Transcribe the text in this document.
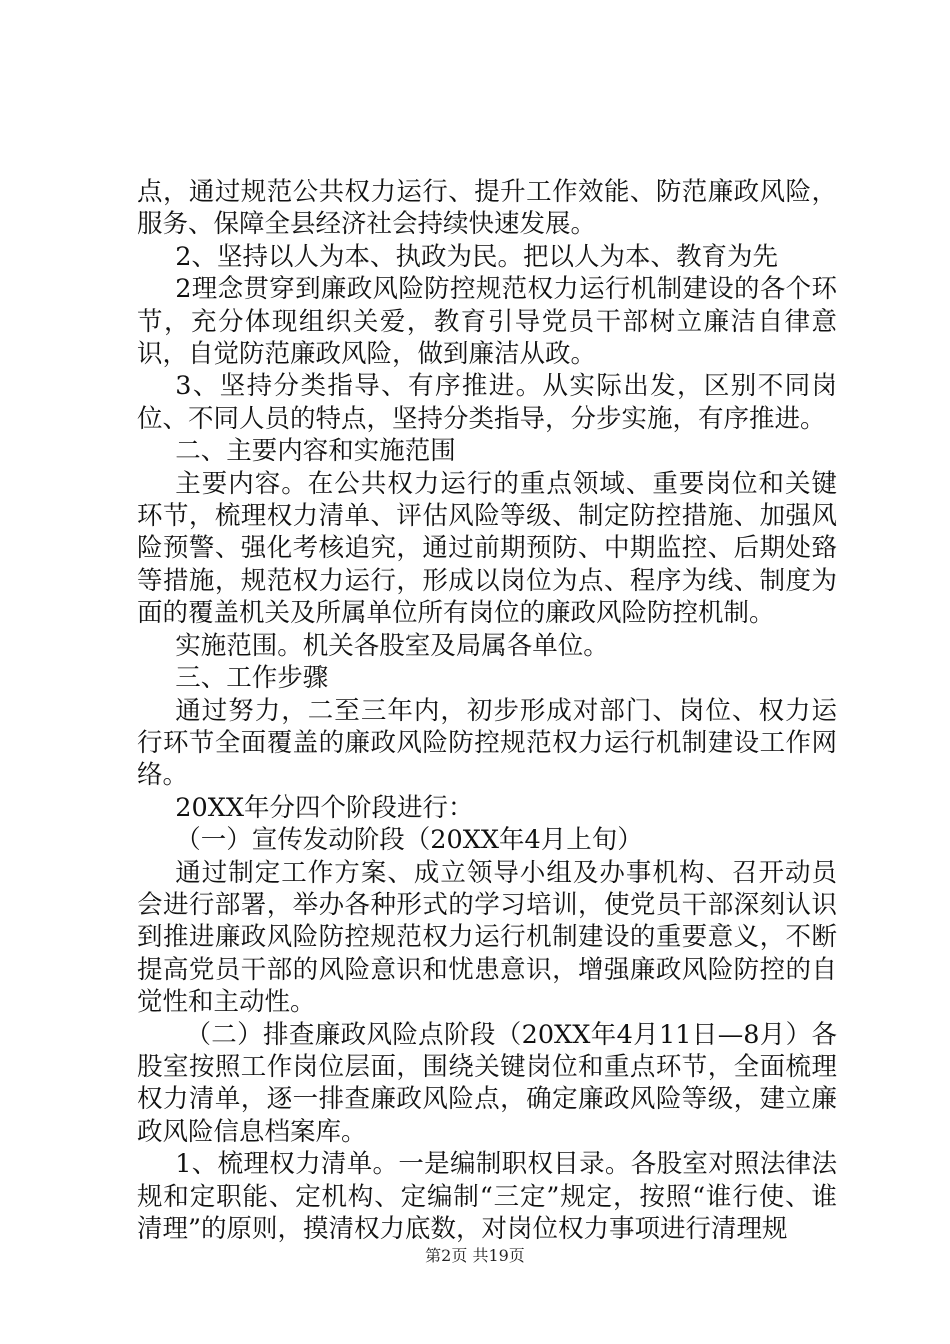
点，通过规范公共权力运行、提升工作效能、防范廉政风险，服务、保障全县经济社会持续快速发展。

2、坚持以人为本、执政为民。把以人为本、教育为先

2理念贯穿到廉政风险防控规范权力运行机制建设的各个环节，充分体现组织关爱，教育引导党员干部树立廉洁自律意识，自觉防范廉政风险，做到廉洁从政。

3、坚持分类指导、有序推进。从实际出发，区别不同岗位、不同人员的特点，坚持分类指导，分步实施，有序推进。

二、主要内容和实施范围

主要内容。在公共权力运行的重点领域、重要岗位和关键环节，梳理权力清单、评估风险等级、制定防控措施、加强风险预警、强化考核追究，通过前期预防、中期监控、后期处臵等措施，规范权力运行，形成以岗位为点、程序为线、制度为面的覆盖机关及所属单位所有岗位的廉政风险防控机制。

实施范围。机关各股室及局属各单位。

三、工作步骤

通过努力，二至三年内，初步形成对部门、岗位、权力运行环节全面覆盖的廉政风险防控规范权力运行机制建设工作网络。

20XX年分四个阶段进行：

（一）宣传发动阶段（20XX年4月上旬）

通过制定工作方案、成立领导小组及办事机构、召开动员会进行部署，举办各种形式的学习培训，使党员干部深刻认识到推进廉政风险防控规范权力运行机制建设的重要意义，不断提高党员干部的风险意识和忧患意识，增强廉政风险防控的自觉性和主动性。

（二）排查廉政风险点阶段（20XX年4月11日—8月）各股室按照工作岗位层面，围绕关键岗位和重点环节，全面梳理权力清单，逐一排查廉政风险点，确定廉政风险等级，建立廉政风险信息档案库。

1、梳理权力清单。一是编制职权目录。各股室对照法律法规和定职能、定机构、定编制“三定”规定，按照“谁行使、谁清理”的原则，摸清权力底数，对岗位权力事项进行清理规

第2页 共19页
